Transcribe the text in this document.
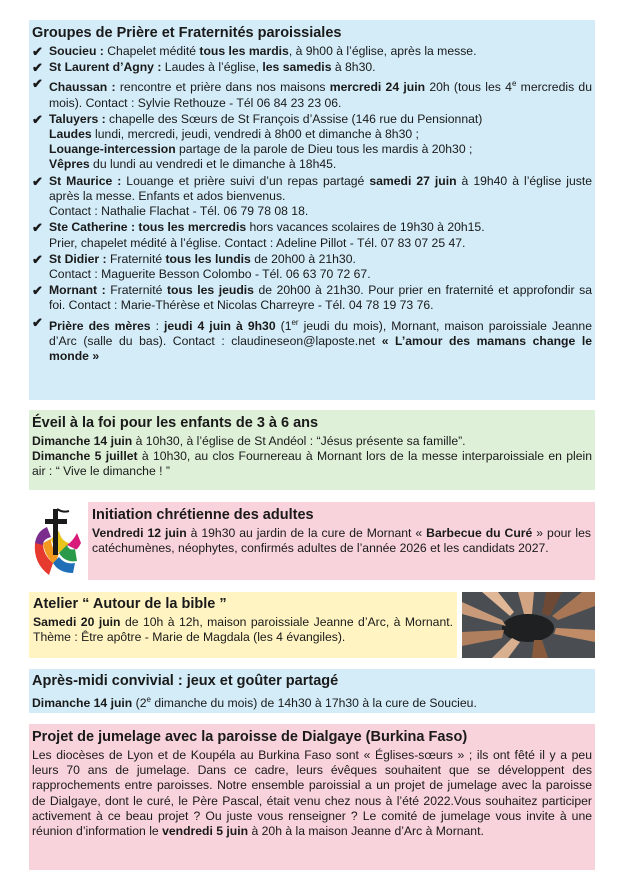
Groupes de Prière et Fraternités paroissiales
✔ Soucieu : Chapelet médité tous les mardis, à 9h00 à l’église, après la messe.
✔ St Laurent d’Agny : Laudes à l’église, les samedis à 8h30.
✔ Chaussan : rencontre et prière dans nos maisons mercredi 24 juin 20h (tous les 4e mercredis du mois). Contact : Sylvie Rethouze - Tél 06 84 23 23 06.
✔ Taluyers : chapelle des Sœurs de St François d’Assise (146 rue du Pensionnat)
Laudes lundi, mercredi, jeudi, vendredi à 8h00 et dimanche à 8h30 ;
Louange-intercession partage de la parole de Dieu tous les mardis à 20h30 ;
Vêpres du lundi au vendredi et le dimanche à 18h45.
✔ St Maurice : Louange et prière suivi d’un repas partagé samedi 27 juin à 19h40 à l’église juste après la messe. Enfants et ados bienvenus.
Contact : Nathalie Flachat - Tél. 06 79 78 08 18.
✔ Ste Catherine : tous les mercredis hors vacances scolaires de 19h30 à 20h15.
Prier, chapelet médité à l’église. Contact : Adeline Pillot - Tél. 07 83 07 25 47.
✔ St Didier : Fraternité tous les lundis de 20h00 à 21h30.
Contact : Maguerite Besson Colombo - Tél. 06 63 70 72 67.
✔ Mornant : Fraternité tous les jeudis de 20h00 à 21h30. Pour prier en fraternité et approfondir sa foi. Contact : Marie-Thérèse et Nicolas Charreyre - Tél. 04 78 19 73 76.
✔ Prière des mères : jeudi 4 juin à 9h30 (1er jeudi du mois), Mornant, maison paroissiale Jeanne d’Arc (salle du bas). Contact : claudineseon@laposte.net « L’amour des mamans change le monde »
Éveil à la foi pour les enfants de 3 à 6 ans

Dimanche 14 juin à 10h30, à l’église de St Andéol : “Jésus présente sa famille”.

Dimanche 5 juillet à 10h30, au clos Fournereau à Mornant lors de la messe interparoissiale en plein air : “ Vive le dimanche ! ”

Initiation chrétienne des adultes

Vendredi 12 juin à 19h30 au jardin de la cure de Mornant « Barbecue du Curé » pour les catéchumènes, néophytes, confirmés adultes de l’année 2026 et les candidats 2027.

Atelier “ Autour de la bible ”

Samedi 20 juin de 10h à 12h, maison paroissiale Jeanne d’Arc, à Mornant. Thème : Être apôtre - Marie de Magdala (les 4 évangiles).

Après-midi convivial : jeux et goûter partagé

Dimanche 14 juin (2e dimanche du mois) de 14h30 à 17h30 à la cure de Soucieu.

Projet de jumelage avec la paroisse de Dialgaye (Burkina Faso)

Les diocèses de Lyon et de Koupéla au Burkina Faso sont « Églises-sœurs » ; ils ont fêté il y a peu leurs 70 ans de jumelage. Dans ce cadre, leurs évêques souhaitent que se développent des rapprochements entre paroisses. Notre ensemble paroissial a un projet de jumelage avec la paroisse de Dialgaye, dont le curé, le Père Pascal, était venu chez nous à l’été 2022.Vous souhaitez participer activement à ce beau projet ? Ou juste vous renseigner ? Le comité de jumelage vous invite à une réunion d’information le vendredi 5 juin à 20h à la maison Jeanne d’Arc à Mornant.
